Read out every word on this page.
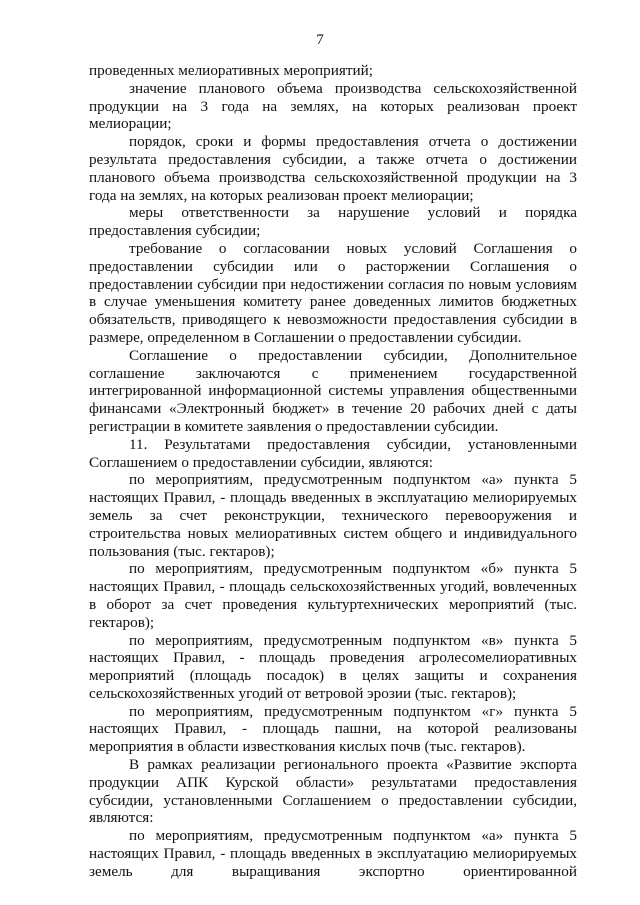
7

проведенных мелиоративных мероприятий;

значение планового объема производства сельскохозяйственной продукции на 3 года на землях, на которых реализован проект мелиорации;

порядок, сроки и формы предоставления отчета о достижении результата предоставления субсидии, а также отчета о достижении планового объема производства сельскохозяйственной продукции на 3 года на землях, на которых реализован проект мелиорации;

меры ответственности за нарушение условий и порядка предоставления субсидии;

требование о согласовании новых условий Соглашения о предоставлении субсидии или о расторжении Соглашения о предоставлении субсидии при недостижении согласия по новым условиям в случае уменьшения комитету ранее доведенных лимитов бюджетных обязательств, приводящего к невозможности предоставления субсидии в размере, определенном в Соглашении о предоставлении субсидии.

Соглашение о предоставлении субсидии, Дополнительное соглашение заключаются с применением государственной интегрированной информационной системы управления общественными финансами «Электронный бюджет» в течение 20 рабочих дней с даты регистрации в комитете заявления о предоставлении субсидии.

11. Результатами предоставления субсидии, установленными Соглашением о предоставлении субсидии, являются:

по мероприятиям, предусмотренным подпунктом «а» пункта 5 настоящих Правил, - площадь введенных в эксплуатацию мелиорируемых земель за счет реконструкции, технического перевооружения и строительства новых мелиоративных систем общего и индивидуального пользования (тыс. гектаров);

по мероприятиям, предусмотренным подпунктом «б» пункта 5 настоящих Правил, - площадь сельскохозяйственных угодий, вовлеченных в оборот за счет проведения культуртехнических мероприятий (тыс. гектаров);

по мероприятиям, предусмотренным подпунктом «в» пункта 5 настоящих Правил, - площадь проведения агролесомелиоративных мероприятий (площадь посадок) в целях защиты и сохранения сельскохозяйственных угодий от ветровой эрозии (тыс. гектаров);

по мероприятиям, предусмотренным подпунктом «г» пункта 5 настоящих Правил, - площадь пашни, на которой реализованы мероприятия в области известкования кислых почв (тыс. гектаров).

В рамках реализации регионального проекта «Развитие экспорта продукции АПК Курской области» результатами предоставления субсидии, установленными Соглашением о предоставлении субсидии, являются:

по мероприятиям, предусмотренным подпунктом «а» пункта 5 настоящих Правил, - площадь введенных в эксплуатацию мелиорируемых земель для выращивания экспортно ориентированной
